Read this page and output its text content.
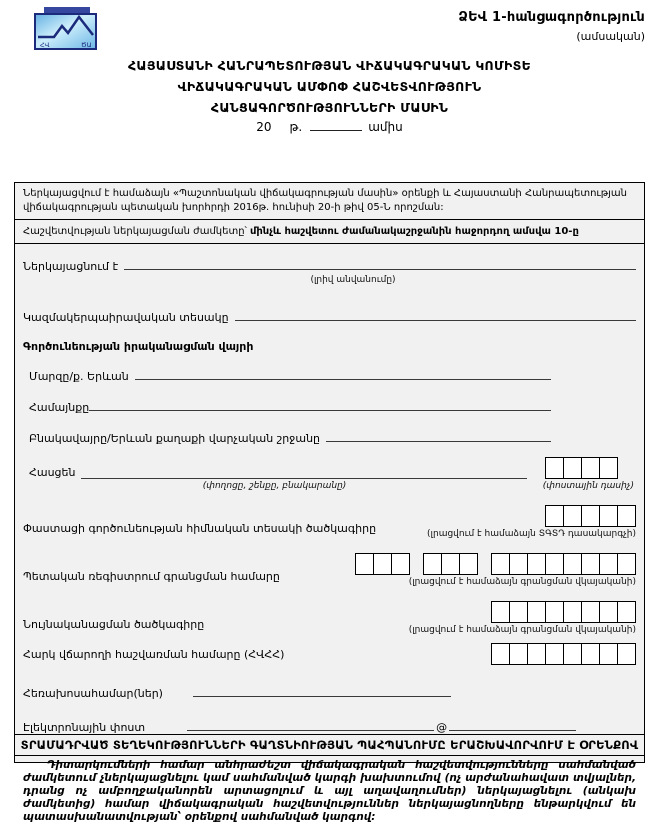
ՀՎ	ԾԱ
ՁԵՎ 1-հանցագործություն
(ամսական)
ՀԱՅԱՍՏԱՆԻ ՀԱՆՐԱՊԵՏՈՒԹՅԱՆ ՎԻՃԱԿԱԳՐԱԿԱՆ ԿՈՄԻՏԵ
ՎԻՃԱԿԱԳՐԱԿԱՆ ԱՄՓՈՓ ՀԱՇՎԵՏՎՈՒԹՅՈՒՆ
ՀԱՆՑԱԳՈՐԾՈՒԹՅՈՒՆՆԵՐԻ ՄԱՍԻՆ
20 թ.	ամիս
Ներկայացվում է համաձայն «Պաշտոնական վիճակագրության մասին» օրենքի և Հայաստանի Հանրապետության վիճակագրության պետական խորհրդի 2016թ. հունիսի 20-ի թիվ 05-Ն որոշման:
Հաշվետվության ներկայացման ժամկետը՝ մինչև հաշվետու ժամանակաշրջանին հաջորդող ամսվա 10-ը
Ներկայացնում է
(լրիվ անվանումը)
Կազմակերպաիրավական տեսակը
Գործունեության իրականացման վայրի
Մարզը/ք. Երևան
Համայնքը
Բնակավայրը/Երևան քաղաքի վարչական շրջանը
Հասցեն
(փողոցը, շենքը, բնակարանը)	(փոստային դասիչ)
Փաստացի գործունեության հիմնական տեսակի ծածկագիրը	(լրացվում է համաձայն ՏԳՏԴ դասակարգչի)
Պետական ռեգիստրում գրանցման համարը	(լրացվում է համաձայն գրանցման վկայականի)
Նույնականացման ծածկագիրը	(լրացվում է համաձայն գրանցման վկայականի)
Հարկ վճարողի հաշվառման համարը (ՀՎՀՀ)
Հեռախոսահամար(ներ)
Էլեկտրոնային փոստ	@
ՏՐԱՄԱԴՐՎԱԾ ՏԵՂԵԿՈՒԹՅՈՒՆՆԵՐԻ ԳԱՂՏՆԻՈՒԹՅԱՆ ՊԱՀՊԱՆՈՒՄԸ ԵՐԱՇԽԱՎՈՐՎՈՒՄ Է ՕՐԵՆՔՈՎ
Դիտարկումների համար անհրաժեշտ վիճակագրական հաշվետվությունները սահմանված ժամկետում չներկայացնելու կամ սահմանված կարգի խախտումով (ոչ արժանահավատ տվյալներ, դրանց ոչ ամբողջականորեն արտացոլում և այլ աղավաղումներ) ներկայացնելու (անկախ ժամկետից) համար վիճակագրական հաշվետվություններ ներկայացնողները ենթարկվում են պատասխանատվության՝ օրենքով սահմանված կարգով:
